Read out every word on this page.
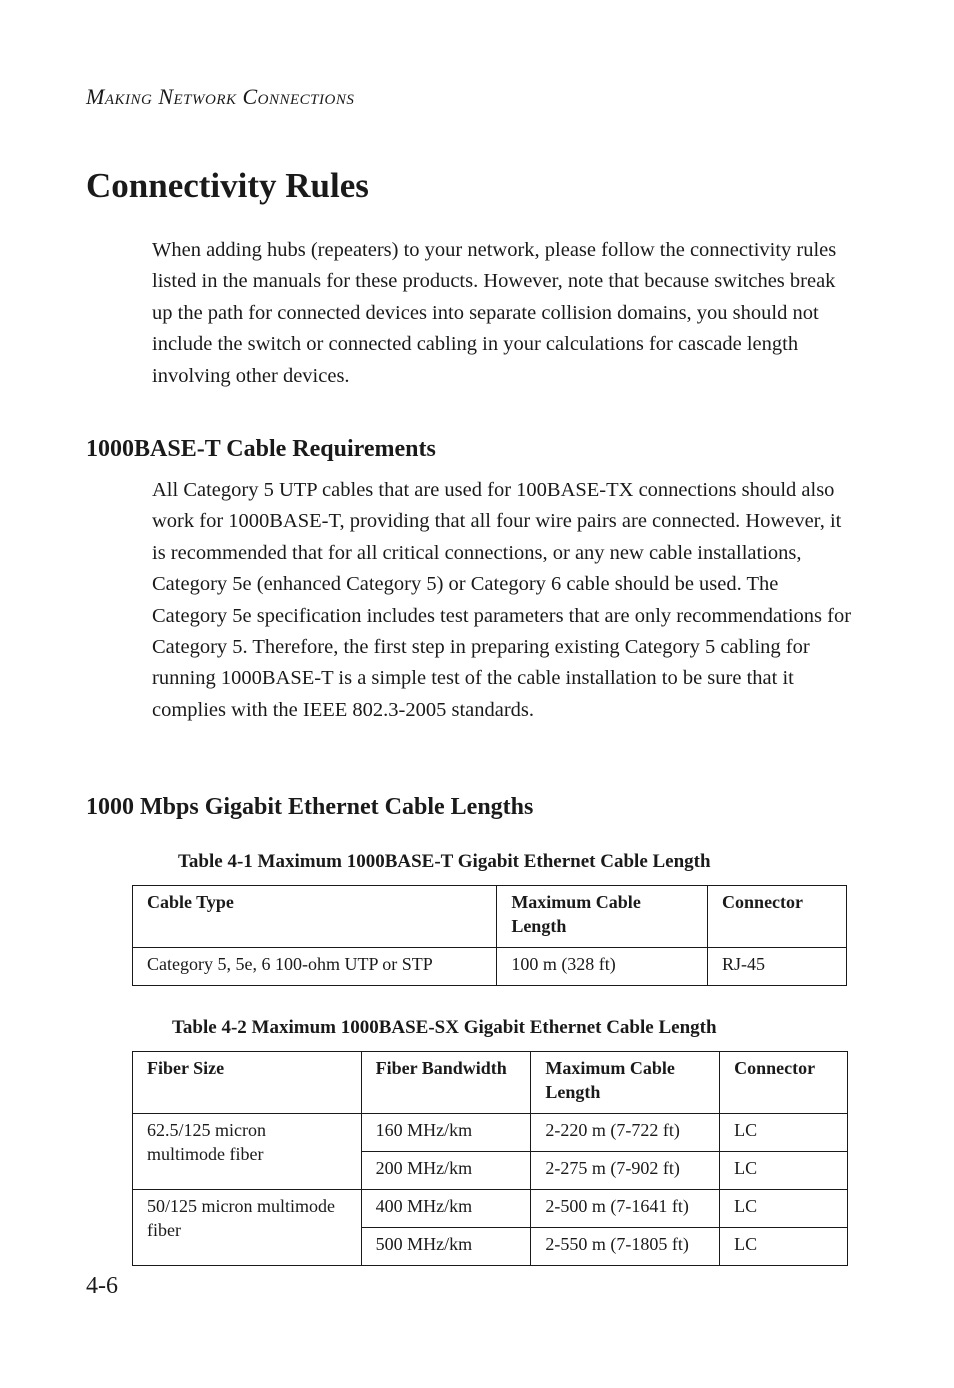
Making Network Connections
Connectivity Rules

When adding hubs (repeaters) to your network, please follow the connectivity rules listed in the manuals for these products. However, note that because switches break up the path for connected devices into separate collision domains, you should not include the switch or connected cabling in your calculations for cascade length involving other devices.

1000BASE-T Cable Requirements

All Category 5 UTP cables that are used for 100BASE-TX connections should also work for 1000BASE-T, providing that all four wire pairs are connected. However, it is recommended that for all critical connections, or any new cable installations, Category 5e (enhanced Category 5) or Category 6 cable should be used. The Category 5e specification includes test parameters that are only recommendations for Category 5. Therefore, the first step in preparing existing Category 5 cabling for running 1000BASE-T is a simple test of the cable installation to be sure that it complies with the IEEE 802.3-2005 standards.

1000 Mbps Gigabit Ethernet Cable Lengths
Table 4-1 Maximum 1000BASE-T Gigabit Ethernet Cable Length
Cable Type	Maximum Cable Length	Connector
Category 5, 5e, 6 100-ohm UTP or STP	100 m (328 ft)	RJ-45
Table 4-2 Maximum 1000BASE-SX Gigabit Ethernet Cable Length
Fiber Size	Fiber Bandwidth	Maximum Cable Length	Connector
62.5/125 micron multimode fiber	160 MHz/km	2-220 m (7-722 ft)	LC
	200 MHz/km	2-275 m (7-902 ft)	LC
50/125 micron multimode fiber	400 MHz/km	2-500 m (7-1641 ft)	LC
	500 MHz/km	2-550 m (7-1805 ft)	LC
4-6
